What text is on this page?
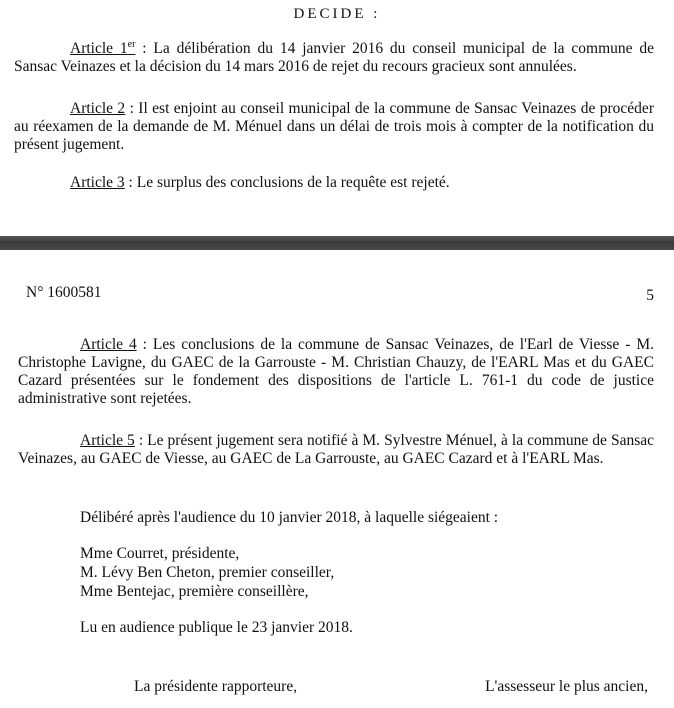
DECIDE :
Article 1er : La délibération du 14 janvier 2016 du conseil municipal de la commune de Sansac Veinazes et la décision du 14 mars 2016 de rejet du recours gracieux sont annulées.
Article 2 : Il est enjoint au conseil municipal de la commune de Sansac Veinazes de procéder au réexamen de la demande de M. Ménuel dans un délai de trois mois à compter de la notification du présent jugement.
Article 3 : Le surplus des conclusions de la requête est rejeté.
N° 1600581	5
Article 4 : Les conclusions de la commune de Sansac Veinazes, de l'Earl de Viesse - M. Christophe Lavigne, du GAEC de la Garrouste - M. Christian Chauzy, de l'EARL Mas et du GAEC Cazard présentées sur le fondement des dispositions de l'article L. 761-1 du code de justice administrative sont rejetées.
Article 5 : Le présent jugement sera notifié à M. Sylvestre Ménuel, à la commune de Sansac Veinazes, au GAEC de Viesse, au GAEC de La Garrouste, au GAEC Cazard et à l'EARL Mas.
Délibéré après l'audience du 10 janvier 2018, à laquelle siégeaient :
Mme Courret, présidente,
M. Lévy Ben Cheton, premier conseiller,
Mme Bentejac, première conseillère,
Lu en audience publique le 23 janvier 2018.
La présidente rapporteure,	L'assesseur le plus ancien,
